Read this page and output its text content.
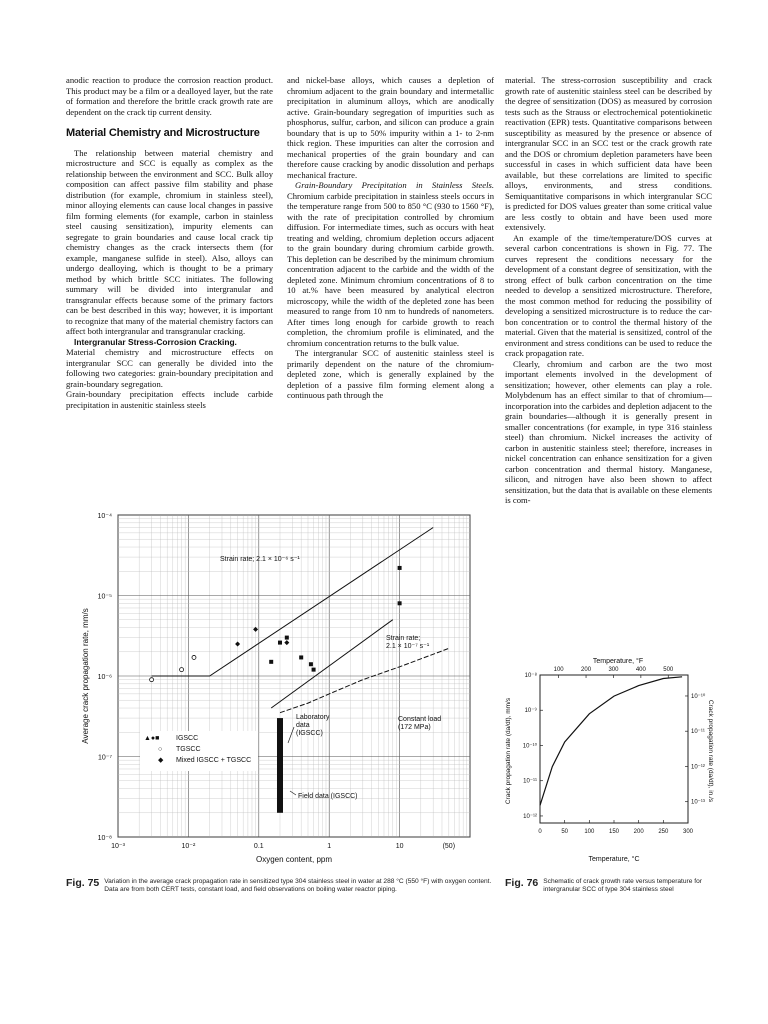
anodic reaction to produce the corrosion reaction product. This product may be a film or a dealloyed layer, but the rate of formation and therefore the brittle crack growth rate are dependent on the crack tip current density.

Material Chemistry and Microstructure

The relationship between material chemistry and microstructure and SCC is equally as complex as the relationship between the environment and SCC. Bulk alloy composition can affect passive film stability and phase distribution (for example, chromium in stainless steel), minor alloying elements can cause local changes in passive film forming elements (for example, carbon in stainless steel causing sensitization), impurity elements can segregate to grain boundaries and cause local crack tip chemistry changes as the crack intersects them (for example, manganese sulfide in steel). Also, alloys can undergo dealloying, which is thought to be a primary method by which brittle SCC initiates. The following summary will be divided into intergranular and transgranular effects because some of the primary factors can be best described in this way; however, it is important to recognize that many of the material chemistry factors can affect both intergranular and transgranular cracking.

Intergranular Stress-Corrosion Cracking.

Material chemistry and microstructure effects on intergranular SCC can generally be divided into the following two categories: grain-boundary precipitation and grain-boundary segregation.

Grain-boundary precipitation effects include carbide precipitation in austenitic stainless steels

and nickel-base alloys, which causes a depletion of chromium adjacent to the grain boundary and intermetallic precipitation in aluminum alloys, which are anodically active. Grain-boundary segregation of impurities such as phosphorus, sulfur, carbon, and silicon can produce a grain boundary that is up to 50% impurity within a 1- to 2-nm thick region. These impurities can alter the corrosion and mechanical properties of the grain boundary and can therefore cause cracking by anodic dissolution and perhaps mechanical fracture.

Grain-Boundary Precipitation in Stainless Steels. Chromium carbide precipitation in stainless steels occurs in the temperature range from 500 to 850 °C (930 to 1560 °F), with the rate of precipitation controlled by chromium diffusion. For intermediate times, such as occurs with heat treating and welding, chromium depletion occurs adjacent to the grain boundary during chromium carbide growth. This depletion can be described by the minimum chromium concentration adjacent to the carbide and the width of the depleted zone. Minimum chromium concentrations of 8 to 10 at.% have been measured by analytical electron microscopy, while the width of the depleted zone has been measured to range from 10 nm to hundreds of nanometers. After times long enough for carbide growth to reach completion, the chromium profile is eliminated, and the chromium concentration returns to the bulk value.

The intergranular SCC of austenitic stainless steel is primarily dependent on the nature of the chromium-depleted zone, which is generally explained by the depletion of a passive film forming element along a continuous path through the

material. The stress-corrosion susceptibility and crack growth rate of austenitic stainless steel can be described by the degree of sensitization (DOS) as measured by corrosion tests such as the Strauss or electrochemical potentiokinetic reactivation (EPR) tests. Quantitative comparisons between susceptibility as measured by the presence or absence of intergranular SCC in an SCC test or the crack growth rate and the DOS or chromium depletion parameters have been successful in cases in which sufficient data have been available, but these correlations are limited to specific alloys, environments, and stress conditions. Semiquantitative comparisons in which intergranular SCC is predicted for DOS values greater than some critical value are less costly to obtain and have been used more extensively.

An example of the time/temperature/DOS curves at several carbon concentrations is shown in Fig. 77. The curves represent the conditions necessary for the development of a constant degree of sensitization, with the strong effect of bulk carbon concentration on the time needed to develop a sensitized microstructure. Therefore, the most common method for reducing the possibility of developing a sensitized microstructure is to reduce the car-bon concentration or to control the thermal history of the material. Given that the material is sensitized, control of the environment and stress conditions can be used to reduce the crack propagation rate.

Clearly, chromium and carbon are the two most important elements involved in the development of sensitization; however, other elements can play a role. Molybdenum has an effect similar to that of chromium—incorporation into the carbides and depletion adjacent to the grain boundaries—although it is generally present in smaller concentrations (for example, in type 316 stainless steel) than chromium. Nickel increases the activity of carbon in austenitic stainless steel; therefore, increases in nickel concentration can enhance sensitization for a given carbon concentration and thermal history. Manganese, silicon, and nitrogen have also been shown to affect sensitization, but the data that is available on these elements is com-

10⁻³	10⁻²	0.1	1	10	(50)
10⁻⁴
10⁻⁵
10⁻⁶
10⁻⁷
10⁻⁸
▲●■ IGSCC
○ TGSCC
◆ Mixed IGSCC + TGSCC
Strain rate; 2.1 × 10⁻⁶ s⁻¹
Strain rate; 2.1 × 10⁻⁷ s⁻¹
Laboratory data (IGSCC)
Constant load (172 MPa)
Field data (IGSCC)
Oxygen content, ppm
Average crack propagation rate, mm/s
Fig. 75 Variation in the average crack propagation rate in sensitized type 304 stainless steel in water at 288 °C (550 °F) with oxygen content. Data are from both CERT tests, constant load, and field observations on boiling water reactor piping.
Temperature, °F
0	50	100 150 200 250 300
100	200	300	400	500
10⁻⁸
10⁻⁹
10⁻¹⁰
10⁻¹¹
10⁻¹²
10⁻¹⁰
10⁻¹¹
10⁻¹²
10⁻¹³
Temperature, °C
Crack propagation rate (da/dt), mm/s	Crack propagation rate (da/dt), in./s
Fig. 76 Schematic of crack growth rate versus temperature for intergranular SCC of type 304 stainless steel
